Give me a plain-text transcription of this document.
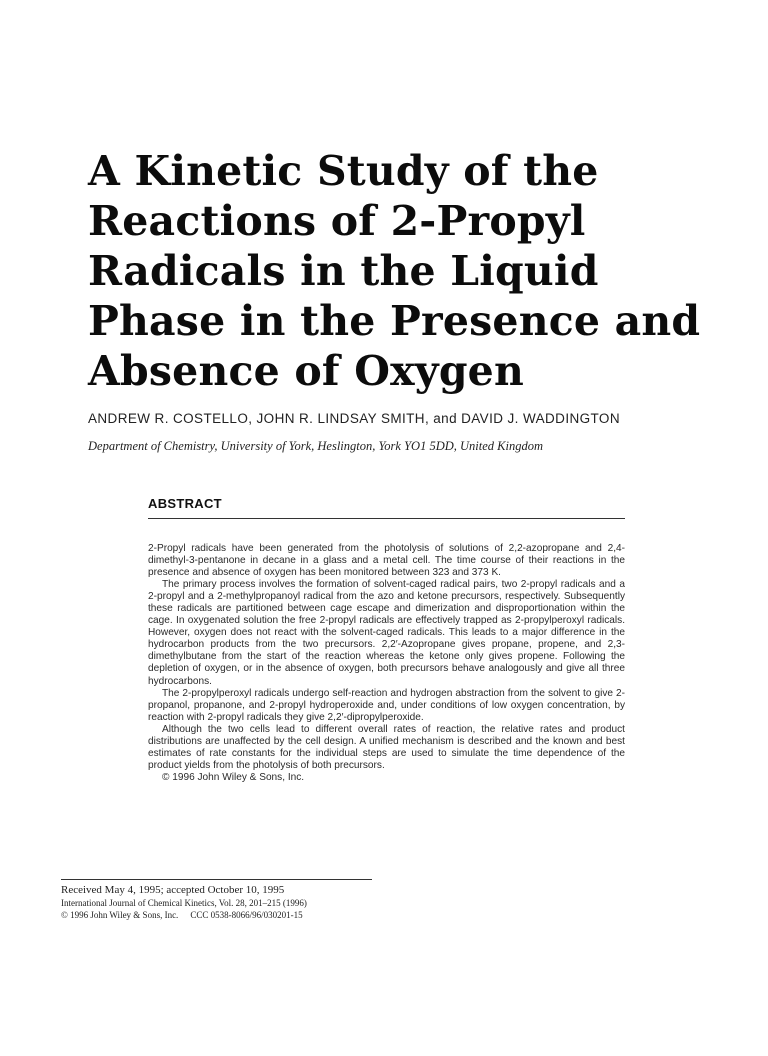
A Kinetic Study of the
Reactions of 2-Propyl
Radicals in the Liquid
Phase in the Presence and
Absence of Oxygen
ANDREW R. COSTELLO, JOHN R. LINDSAY SMITH, and DAVID J. WADDINGTON
Department of Chemistry, University of York, Heslington, York YO1 5DD, United Kingdom
ABSTRACT

2-Propyl radicals have been generated from the photolysis of solutions of 2,2-azopropane and 2,4-dimethyl-3-pentanone in decane in a glass and a metal cell. The time course of their reactions in the presence and absence of oxygen has been monitored between 323 and 373 K.

The primary process involves the formation of solvent-caged radical pairs, two 2-propyl radicals and a 2-propyl and a 2-methylpropanoyl radical from the azo and ketone precursors, respectively. Subsequently these radicals are partitioned between cage escape and dimerization and disproportionation within the cage. In oxygenated solution the free 2-propyl radicals are effectively trapped as 2-propylperoxyl radicals. However, oxygen does not react with the solvent-caged radicals. This leads to a major difference in the hydrocarbon products from the two precursors. 2,2′-Azopropane gives propane, propene, and 2,3-dimethylbutane from the start of the reaction whereas the ketone only gives propene. Following the depletion of oxygen, or in the absence of oxygen, both precursors behave analogously and give all three hydrocarbons.

The 2-propylperoxyl radicals undergo self-reaction and hydrogen abstraction from the solvent to give 2-propanol, propanone, and 2-propyl hydroperoxide and, under conditions of low oxygen concentration, by reaction with 2-propyl radicals they give 2,2′-dipropylperoxide.

Although the two cells lead to different overall rates of reaction, the relative rates and product distributions are unaffected by the cell design. A unified mechanism is described and the known and best estimates of rate constants for the individual steps are used to simulate the time dependence of the product yields from the photolysis of both precursors.

© 1996 John Wiley & Sons, Inc.

Received May 4, 1995; accepted October 10, 1995
International Journal of Chemical Kinetics, Vol. 28, 201–215 (1996)
© 1996 John Wiley & Sons, Inc. CCC 0538-8066/96/030201-15
